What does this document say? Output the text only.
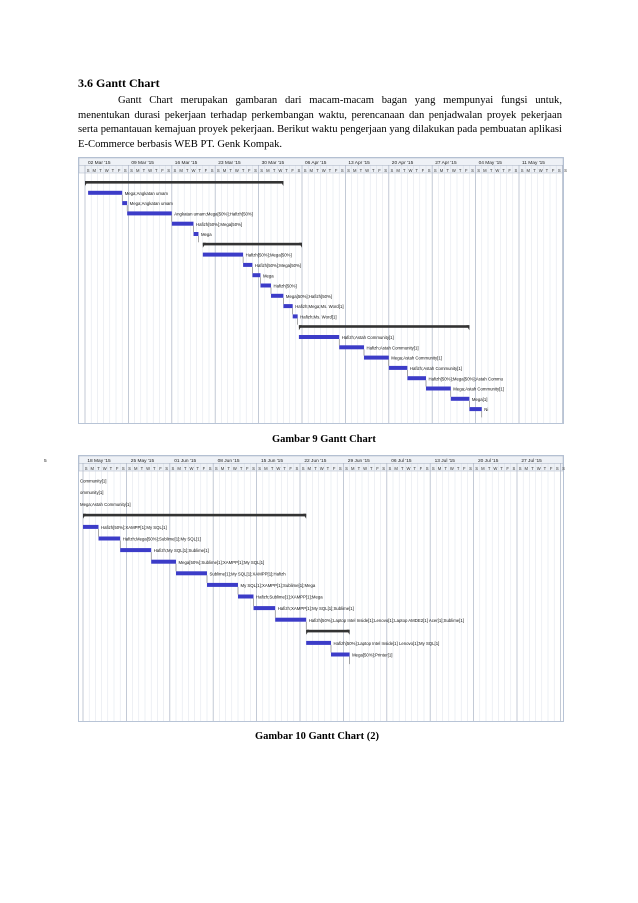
3.6 Gantt Chart

Gantt Chart merupakan gambaran dari macam-macam bagan yang mempunyai fungsi untuk, menentukan durasi pekerjaan terhadap perkembangan waktu, perencanaan dan penjadwalan proyek pekerjaan serta pemantauan kemajuan proyek pekerjaan. Berikut waktu pengerjaan yang dilakukan pada pembuatan aplikasi E-Commerce berbasis WEB PT. Genk Kompak.

S M T W T F S S M T W T F S S M T W T F S S M T W T F S S M T W T F S S M T W T F S S M T W T F S S M T W T F S S M T W T F S S M T W T F S S M T W T F S S
02 Mar '15	09 Mar '15	16 Mar '15	23 Mar '15	30 Mar '15	06 Apr '15	13 Apr '15	20 Apr '15	27 Apr '15	04 May '15	11 May '15
Mega;Angkatan umam
Mega;Angkatan umam
Angkatan umam;Mega[50%];Hafizh[50%]
Hafizh[50%];Mega[50%]
Mega
Hafizh[50%];Mega[50%]
Hafizh[50%];Mega[50%]
Mega
Hafizh[50%]
Mega[50%];Hafizh[50%]
Hafizh;Mega;Ms. Word[1]
Hafizh;Ms. Word[1]
Hafizh;Astah Community[1]
Hafizh;Astah Community[1]
Mega;Astah Community[1]
Hafizh;Astah Community[1]
Hafizh[50%];Mega[50%];Astah Commu
Mega;Astah Community[1]
Mega[1]
Ni

Gambar 9 Gantt Chart

S M T W T F S S M T W T F S S M T W T F S S M T W T F S S M T W T F S S M T W T F S S M T W T F S S M T W T F S S M T W T F S S M T W T F S S M T W T F S S
5	18 May '15	25 May '15	01 Jun '15	08 Jun '15	15 Jun '15	22 Jun '15	29 Jun '15	06 Jul '15	13 Jul '15	20 Jul '15	27 Jul '15
Community[1]
ommunity[1]
Mega;Astah Community[1]
Hafizh[50%];XAMPP[1];My SQL[1]
Hafizh;Mega[50%];Sublime[1];My SQL[1]
Hafizh;My SQL[1];Sublime[1]
Mega[50%];Sublime[1];XAMPP[1];My SQL[1]
Sublime[1];My SQL[1];XAMPP[1];Hafizh
My SQL[1];XAMPP[1];Sublime[1];Mega
Hafizh;Sublime[1];XAMPP[1];Mega
Hafizh;XAMPP[1];My SQL[1];Sublime[1]
Hafizh[50%];Laptop Intel Inside[1];Lenovo[1];Laptop AMDE2[1] Acer[1];Sublime[1]
Hafizh[50%];Laptop Intel Inside[1] Lenovo[1];My SQL[1]
Mega[50%];Printer[1]

Gambar 10 Gantt Chart (2)
